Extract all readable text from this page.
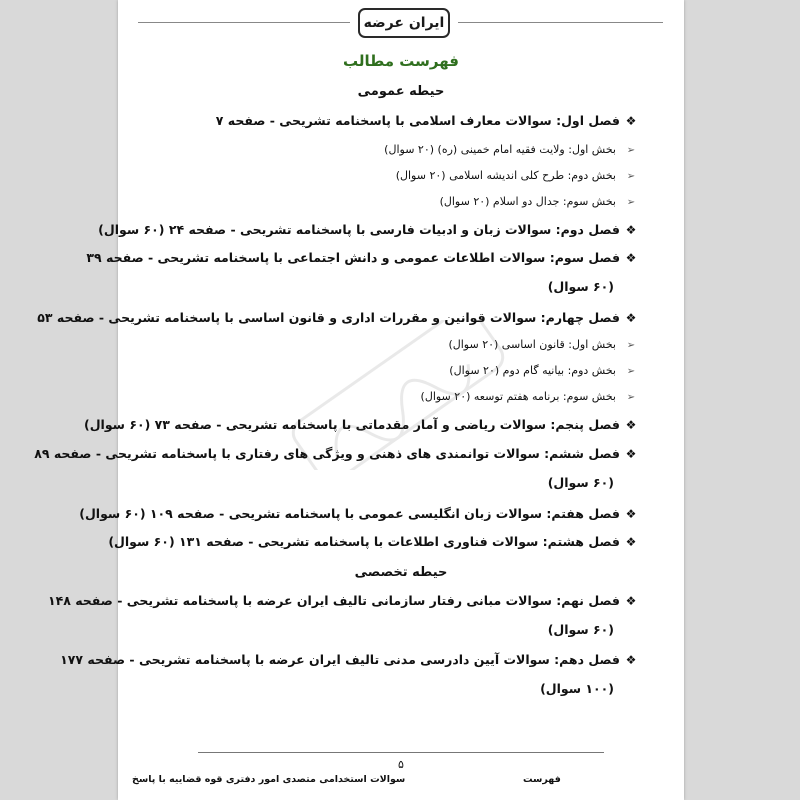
ایران عرضه
فهرست مطالب
حیطه عمومی
❖فصل اول: سوالات معارف اسلامی با پاسخنامه تشریحی - صفحه ۷
➢بخش اول: ولایت فقیه امام خمینی (ره) (۲۰ سوال)
➢بخش دوم: طرح کلی اندیشه اسلامی (۲۰ سوال)
➢بخش سوم: جدال دو اسلام (۲۰ سوال)
❖فصل دوم: سوالات زبان و ادبیات فارسی با پاسخنامه تشریحی - صفحه ۲۴ (۶۰ سوال)
❖فصل سوم: سوالات اطلاعات عمومی و دانش اجتماعی با پاسخنامه تشریحی - صفحه ۳۹
(۶۰ سوال)
❖فصل چهارم: سوالات قوانین و مقررات اداری و قانون اساسی با پاسخنامه تشریحی - صفحه ۵۳
➢بخش اول: قانون اساسی (۲۰ سوال)
➢بخش دوم: بیانیه گام دوم (۲۰ سوال)
➢بخش سوم: برنامه هفتم توسعه (۲۰ سوال)
❖فصل پنجم: سوالات ریاضی و آمار مقدماتی با پاسخنامه تشریحی - صفحه ۷۳ (۶۰ سوال)
❖فصل ششم: سوالات توانمندی های ذهنی و ویژگی های رفتاری با پاسخنامه تشریحی - صفحه ۸۹
(۶۰ سوال)
❖فصل هفتم: سوالات زبان انگلیسی عمومی با پاسخنامه تشریحی - صفحه ۱۰۹ (۶۰ سوال)
❖فصل هشتم: سوالات فناوری اطلاعات با پاسخنامه تشریحی - صفحه ۱۳۱ (۶۰ سوال)
حیطه تخصصی
❖فصل نهم: سوالات مبانی رفتار سازمانی تالیف ایران عرضه با پاسخنامه تشریحی - صفحه ۱۴۸
(۶۰ سوال)
❖فصل دهم: سوالات آیین دادرسی مدنی تالیف ایران عرضه با پاسخنامه تشریحی - صفحه ۱۷۷
(۱۰۰ سوال)
۵
سوالات استخدامی متصدی امور دفتری قوه قضاییه با پاسخ	فهرست
